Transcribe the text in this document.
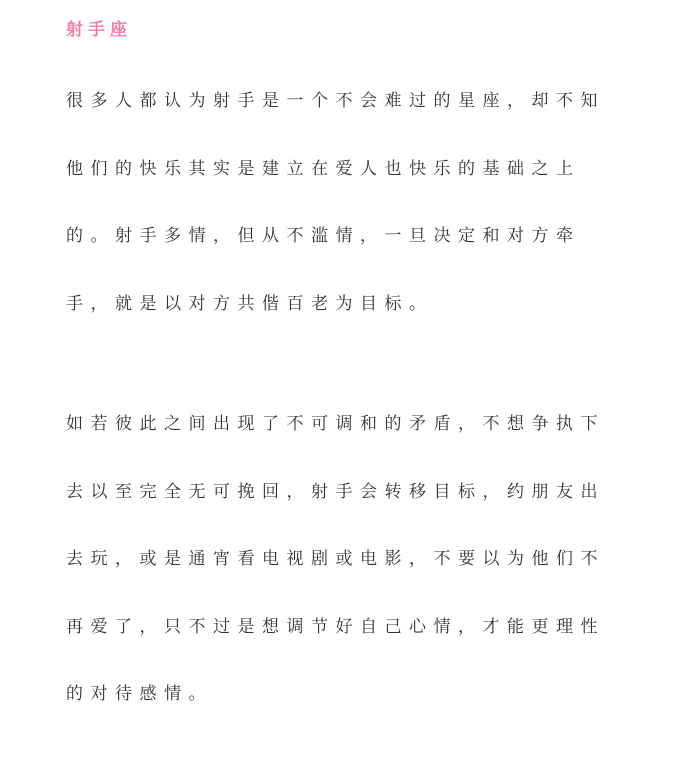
射手座
很多人都认为射手是一个不会难过的星座，却不知
他们的快乐其实是建立在爱人也快乐的基础之上
的。射手多情，但从不滥情，一旦决定和对方牵
手，就是以对方共偕百老为目标。
如若彼此之间出现了不可调和的矛盾，不想争执下
去以至完全无可挽回，射手会转移目标，约朋友出
去玩，或是通宵看电视剧或电影，不要以为他们不
再爱了，只不过是想调节好自己心情，才能更理性
的对待感情。
